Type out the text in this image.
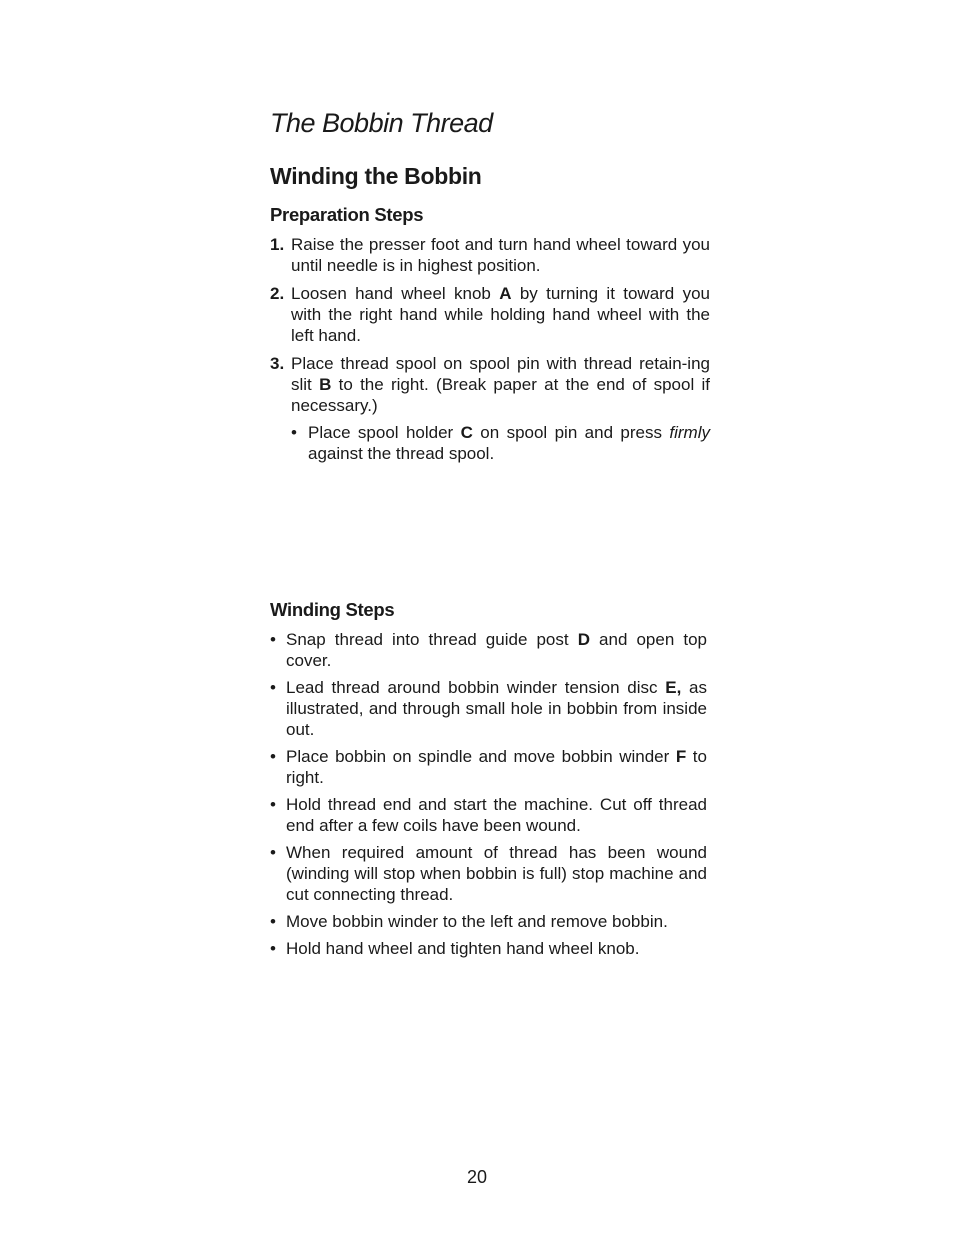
The Bobbin Thread
Winding the Bobbin
Preparation Steps
1. Raise the presser foot and turn hand wheel toward you until needle is in highest position.
2. Loosen hand wheel knob A by turning it toward you with the right hand while holding hand wheel with the left hand.
3. Place thread spool on spool pin with thread retain-ing slit B to the right. (Break paper at the end of spool if necessary.)
• Place spool holder C on spool pin and press firmly against the thread spool.
Winding Steps
• Snap thread into thread guide post D and open top cover.
• Lead thread around bobbin winder tension disc E, as illustrated, and through small hole in bobbin from inside out.
• Place bobbin on spindle and move bobbin winder F to right.
• Hold thread end and start the machine. Cut off thread end after a few coils have been wound.
• When required amount of thread has been wound (winding will stop when bobbin is full) stop machine and cut connecting thread.
• Move bobbin winder to the left and remove bobbin.
• Hold hand wheel and tighten hand wheel knob.
20
